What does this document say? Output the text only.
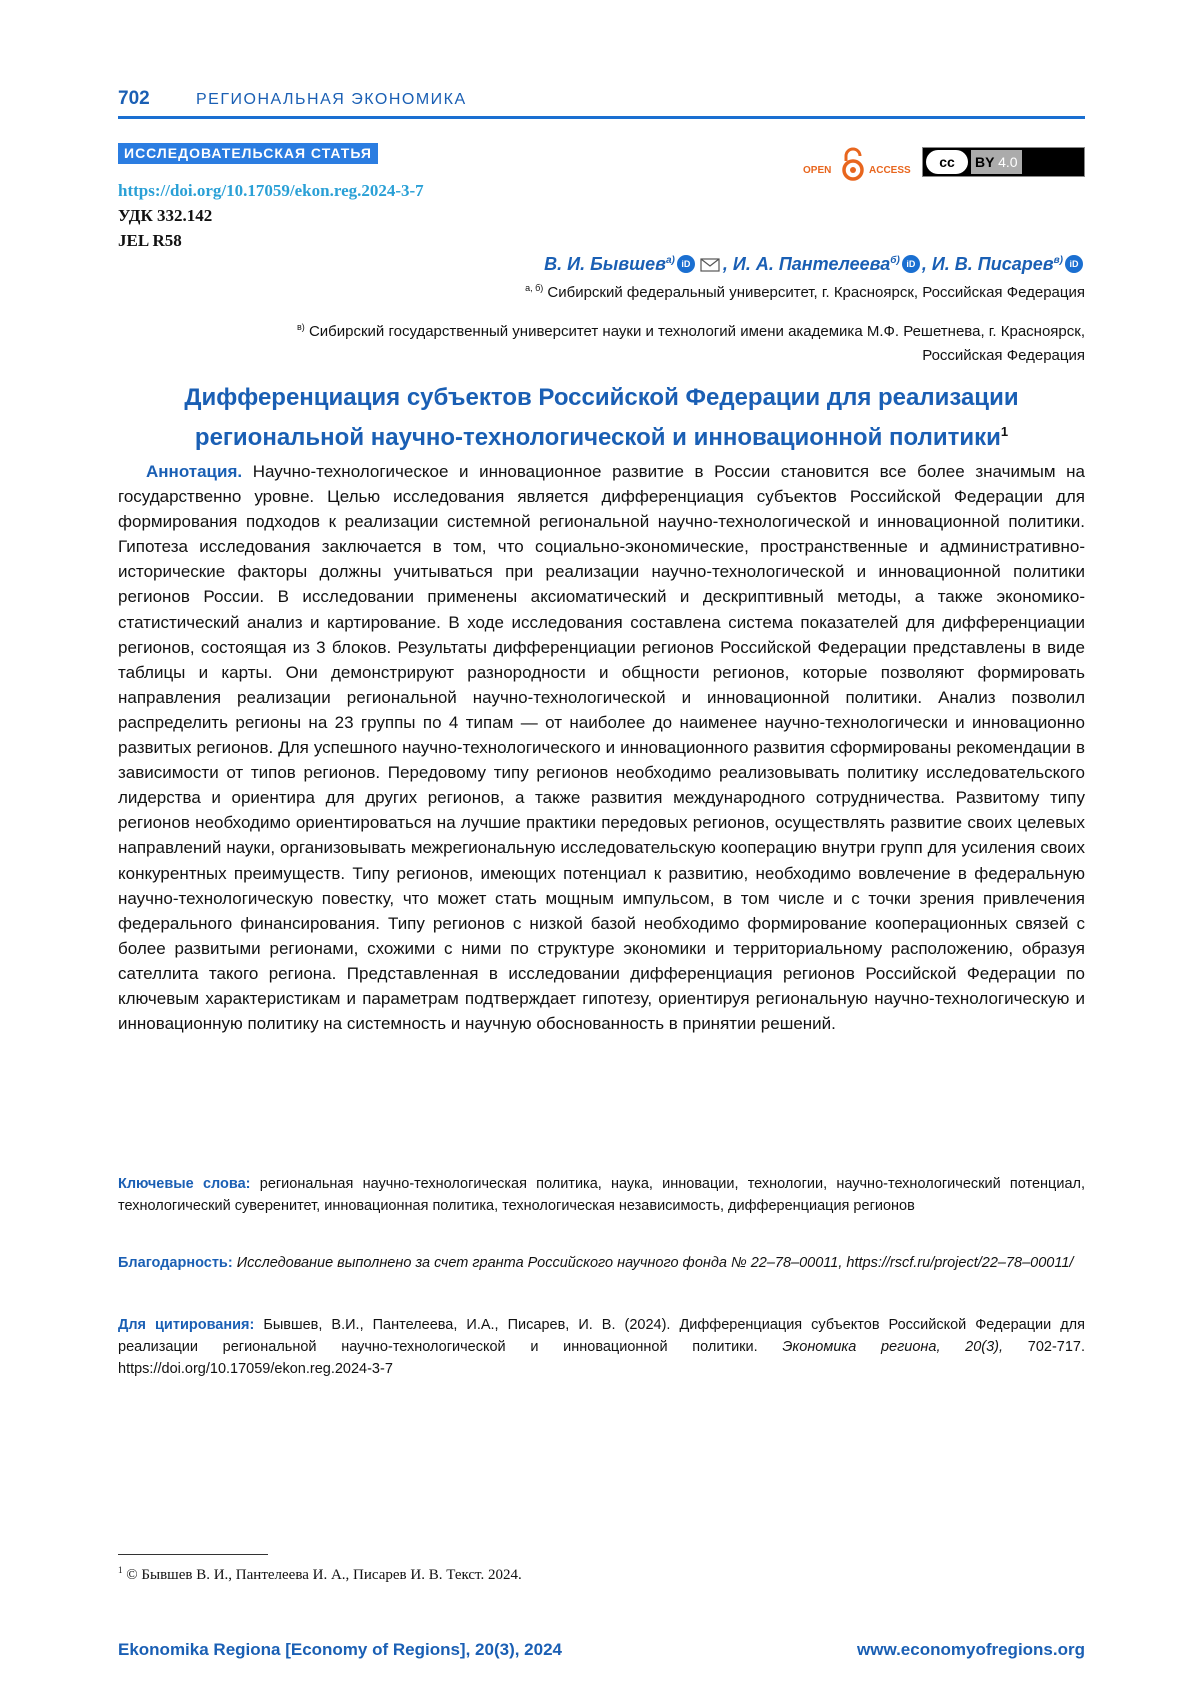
702	РЕГИОНАЛЬНАЯ ЭКОНОМИКА
ИССЛЕДОВАТЕЛЬСКАЯ СТАТЬЯ
OPEN	ACCESS
cc	BY 4.0
https://doi.org/10.17059/ekon.reg.2024-3-7
УДК 332.142
JEL R58
В. И. Бывшева) iD , И. А. Пантелееваб) iD , И. В. Писаревв) iD
а, б) Сибирский федеральный университет, г. Красноярск, Российская Федерация
в) Сибирский государственный университет науки и технологий имени академика М.Ф. Решетнева, г. Красноярск,
Российская Федерация
Дифференциация субъектов Российской Федерации для реализации
региональной научно-технологической и инновационной политики1
Аннотация. Научно-технологическое и инновационное развитие в России становится все более значимым на государственно уровне. Целью исследования является дифференциация субъектов Российской Федерации для формирования подходов к реализации системной региональной научно-технологической и инновационной политики. Гипотеза исследования заключается в том, что социально-экономические, пространственные и административно-исторические факторы должны учитываться при реализации научно-технологической и инновационной политики регионов России. В исследовании применены аксиоматический и дескриптивный методы, а также экономико-статистический анализ и картирование. В ходе исследования составлена система показателей для дифференциации регионов, состоящая из 3 блоков. Результаты дифференциации регионов Российской Федерации представлены в виде таблицы и карты. Они демонстрируют разнородности и общности регионов, которые позволяют формировать направления реализации региональной научно-технологической и инновационной политики. Анализ позволил распределить регионы на 23 группы по 4 типам — от наиболее до наименее научно-технологически и инновационно развитых регионов. Для успешного научно-технологического и инновационного развития сформированы рекомендации в зависимости от типов регионов. Передовому типу регионов необходимо реализовывать политику исследовательского лидерства и ориентира для других регионов, а также развития международного сотрудничества. Развитому типу регионов необходимо ориентироваться на лучшие практики передовых регионов, осуществлять развитие своих целевых направлений науки, организовывать межрегиональную исследовательскую кооперацию внутри групп для усиления своих конкурентных преимуществ. Типу регионов, имеющих потенциал к развитию, необходимо вовлечение в федеральную научно-технологическую повестку, что может стать мощным импульсом, в том числе и с точки зрения привлечения федерального финансирования. Типу регионов с низкой базой необходимо формирование кооперационных связей с более развитыми регионами, схожими с ними по структуре экономики и территориальному расположению, образуя сателлита такого региона. Представленная в исследовании дифференциация регионов Российской Федерации по ключевым характеристикам и параметрам подтверждает гипотезу, ориентируя региональную научно-технологическую и инновационную политику на системность и научную обоснованность в принятии решений.
Ключевые слова: региональная научно-технологическая политика, наука, инновации, технологии, научно-технологический потенциал, технологический суверенитет, инновационная политика, технологическая независимость, дифференциация регионов
Благодарность: Исследование выполнено за счет гранта Российского научного фонда № 22–78–00011, https://rscf.ru/project/22–78–00011/
Для цитирования: Бывшев, В.И., Пантелеева, И.А., Писарев, И. В. (2024). Дифференциация субъектов Российской Федерации для реализации региональной научно-технологической и инновационной политики. Экономика региона, 20(3), 702-717. https://doi.org/10.17059/ekon.reg.2024-3-7
1 © Бывшев В. И., Пантелеева И. А., Писарев И. В. Текст. 2024.
Ekonomika Regiona [Economy of Regions], 20(3), 2024	www.economyofregions.org
